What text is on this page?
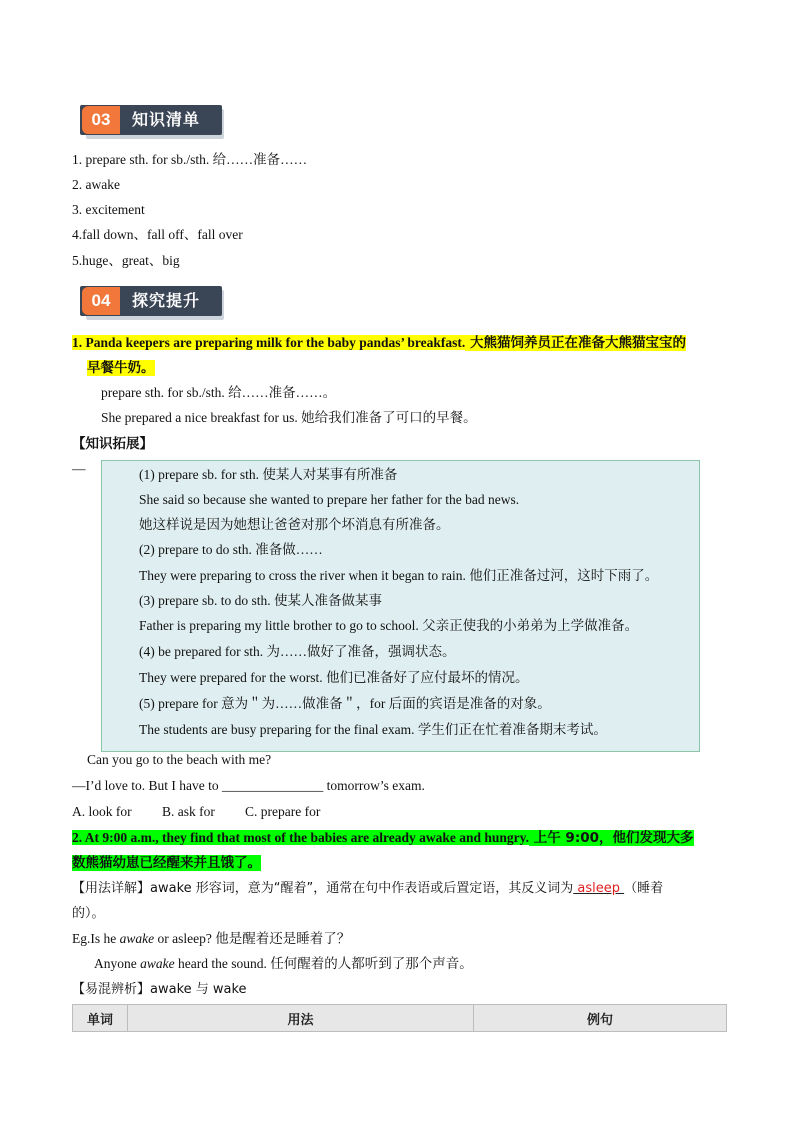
03	知识清单
1. prepare sth. for sb./sth. 给……准备……
2. awake
3. excitement
4.fall down、fall off、fall over
5.huge、great、big
04	探究提升
1. Panda keepers are preparing milk for the baby pandas’ breakfast. 大熊猫饲养员正在准备大熊猫宝宝的
早餐牛奶。
prepare sth. for sb./sth. 给……准备……。
She prepared a nice breakfast for us. 她给我们准备了可口的早餐。
【知识拓展】
—	(1) prepare sb. for sth. 使某人对某事有所准备
She said so because she wanted to prepare her father for the bad news.
她这样说是因为她想让爸爸对那个坏消息有所准备。
(2) prepare to do sth. 准备做……
They were preparing to cross the river when it began to rain. 他们正准备过河，这时下雨了。
(3) prepare sb. to do sth. 使某人准备做某事
Father is preparing my little brother to go to school. 父亲正使我的小弟弟为上学做准备。
(4) be prepared for sth. 为……做好了准备，强调状态。
They were prepared for the worst. 他们已准备好了应付最坏的情况。
(5) prepare for 意为＂为……做准备＂，for 后面的宾语是准备的对象。
The students are busy preparing for the final exam. 学生们正在忙着准备期末考试。
Can you go to the beach with me?
—I’d love to. But I have to _______________ tomorrow’s exam.
A. look for B. ask for C. prepare for
2. At 9:00 a.m., they find that most of the babies are already awake and hungry. 上午 9:00，他们发现大多
数熊猫幼崽已经醒来并且饿了。
【用法详解】awake 形容词，意为“醒着”，通常在句中作表语或后置定语，其反义词为 asleep （睡着
的）。
Eg.Is he awake or asleep? 他是醒着还是睡着了？
Anyone awake heard the sound. 任何醒着的人都听到了那个声音。
【易混辨析】awake 与 wake
单词	用法	例句
